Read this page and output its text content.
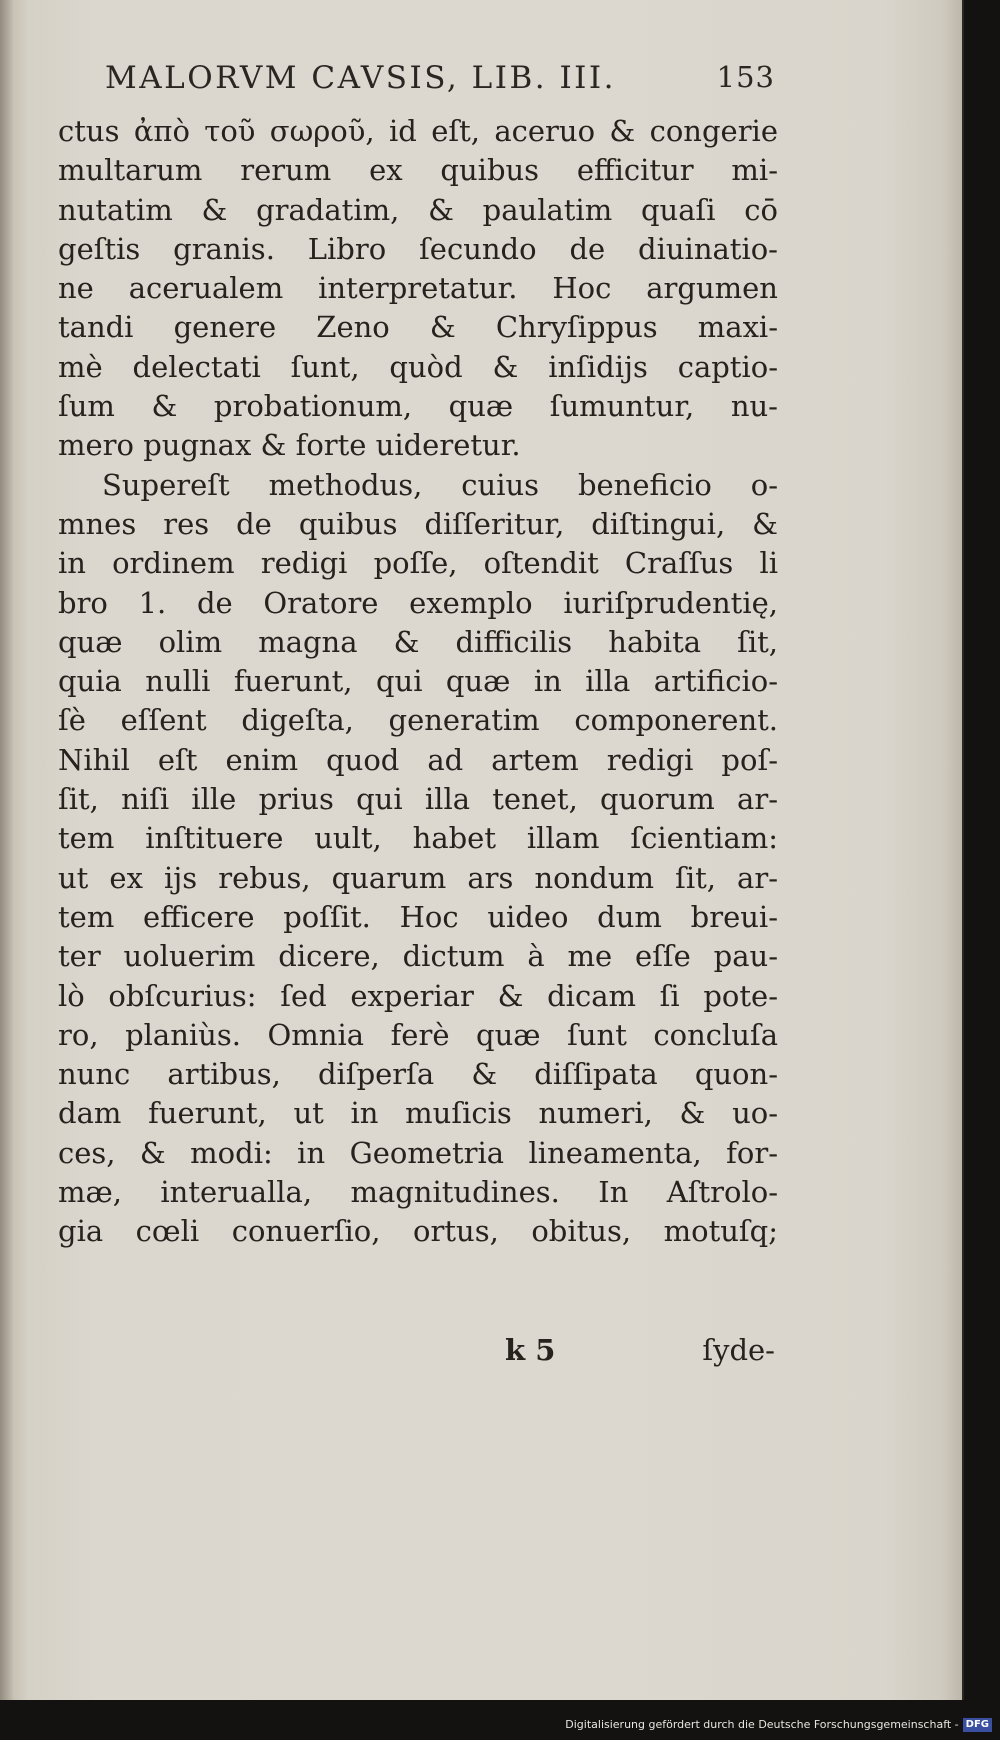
MALORVM CAVSIS, LIB. III.	153
ctus ἀπὸ τοῦ σωροῦ, id eſt, aceruo & congerie
multarum rerum ex quibus efficitur mi-
nutatim & gradatim, & paulatim quaſi cō
geſtis granis. Libro ſecundo de diuinatio-
ne acerualem interpretatur. Hoc argumen
tandi genere Zeno & Chryſippus maxi-
mè delectati ſunt, quòd & inſidijs captio-
ſum & probationum, quæ ſumuntur, nu-
mero pugnax & forte uideretur.
Supereſt methodus, cuius beneficio o-
mnes res de quibus diſſeritur, diſtingui, &
in ordinem redigi poſſe, oſtendit Craſſus li
bro 1. de Oratore exemplo iuriſprudentię,
quæ olim magna & difficilis habita ſit,
quia nulli fuerunt, qui quæ in illa artificio-
ſè eſſent digeſta, generatim componerent.
Nihil eſt enim quod ad artem redigi poſ-
ſit, niſi ille prius qui illa tenet, quorum ar-
tem inſtituere uult, habet illam ſcientiam:
ut ex ijs rebus, quarum ars nondum ſit, ar-
tem efficere poſſit. Hoc uideo dum breui-
ter uoluerim dicere, dictum à me eſſe pau-
lò obſcurius: ſed experiar & dicam ſi pote-
ro, planiùs. Omnia ferè quæ ſunt concluſa
nunc artibus, diſperſa & diſſipata quon-
dam fuerunt, ut in muſicis numeri, & uo-
ces, & modi: in Geometria lineamenta, for-
mæ, interualla, magnitudines. In Aſtrolo-
gia cœli conuerſio, ortus, obitus, motuſq;
k 5	ſyde-
Digitalisierung gefördert durch die Deutsche Forschungsgemeinschaft - DFG
